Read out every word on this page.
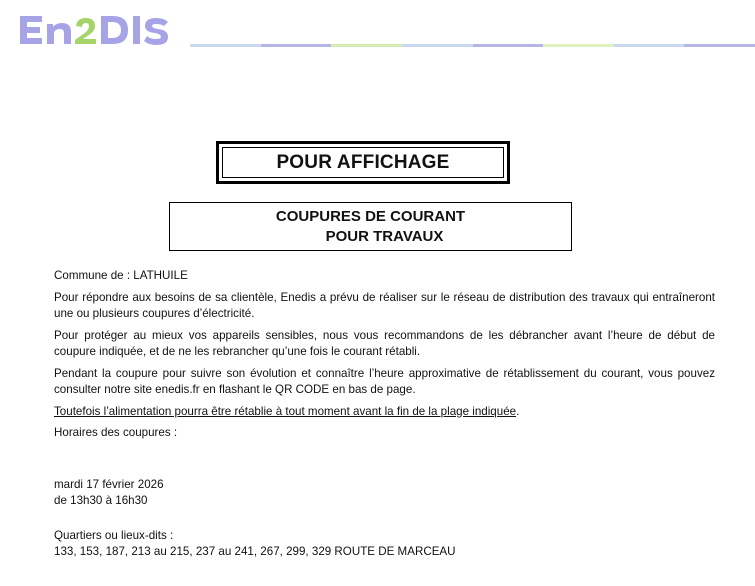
POUR AFFICHAGE
COUPURES DE COURANT
POUR TRAVAUX

Commune de : LATHUILE

Pour répondre aux besoins de sa clientèle, Enedis a prévu de réaliser sur le réseau de distribution des travaux qui entraîneront une ou plusieurs coupures d’électricité.

Pour protéger au mieux vos appareils sensibles, nous vous recommandons de les débrancher avant l’heure de début de coupure indiquée, et de ne les rebrancher qu’une fois le courant rétabli.

Pendant la coupure pour suivre son évolution et connaître l’heure approximative de rétablissement du courant, vous pouvez consulter notre site enedis.fr en flashant le QR CODE en bas de page.

Toutefois l’alimentation pourra être rétablie à tout moment avant la fin de la plage indiquée.

Horaires des coupures :

mardi 17 février 2026
de 13h30 à 16h30
Quartiers ou lieux-dits :
133, 153, 187, 213 au 215, 237 au 241, 267, 299, 329 ROUTE DE MARCEAU
